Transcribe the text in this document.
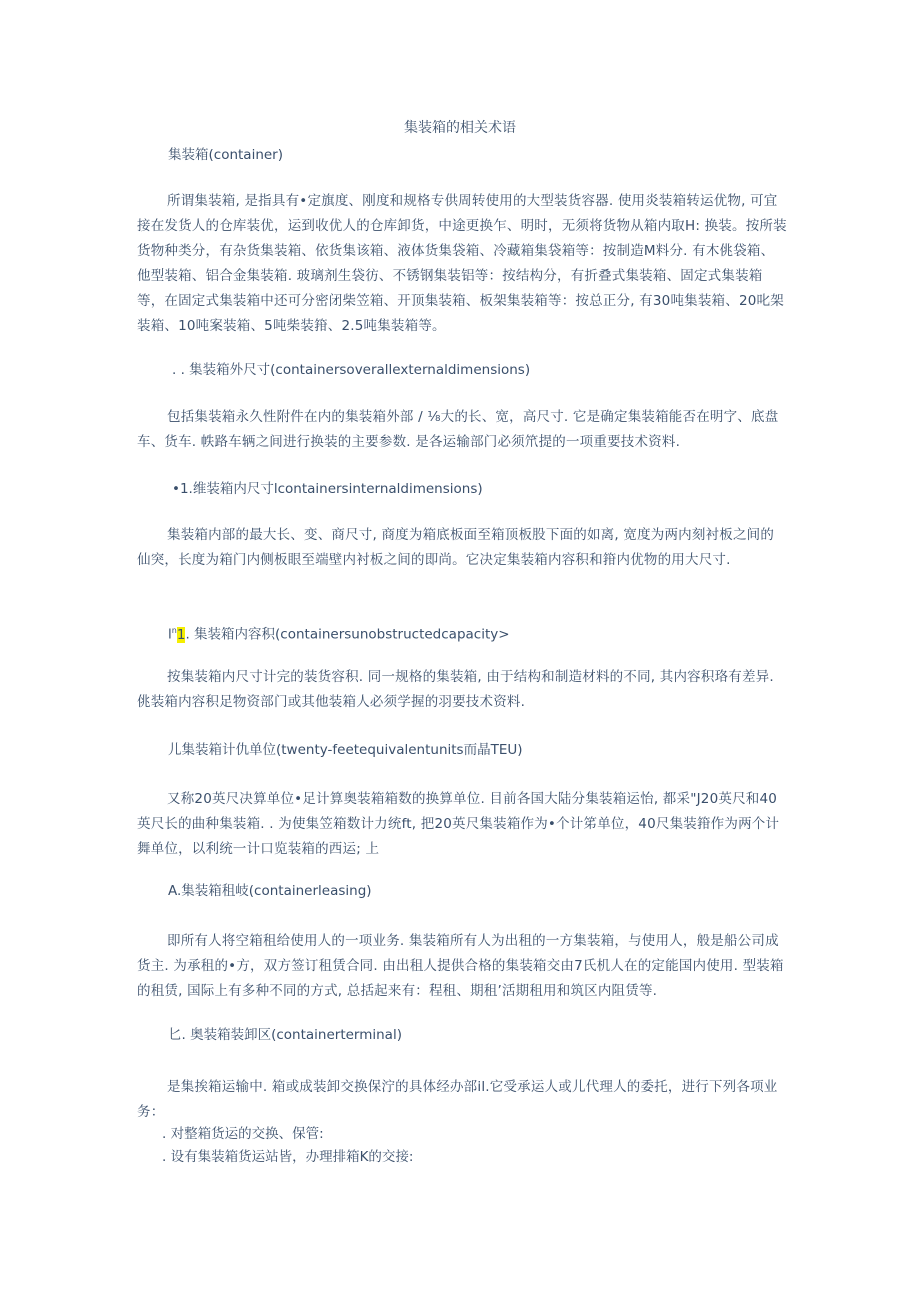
集装箱的相关术语
集装箱(container)
所谓集装箱, 是指具有•定旗度、刚度和规格专供周转使用的大型装货容器. 使用炎装箱转运优物, 可宜接在发货人的仓库装优，运到收优人的仓库卸货，中途更换乍、明时，无须将货物从箱内取H: 换装。按所装货物种类分，有杂货集装箱、依货集该箱、液体货集袋箱、冷藏箱集袋箱等：按制造M料分. 有木佻袋箱、他型装箱、铝合金集装箱. 玻璃剂生袋彷、不锈钢集装铝等：按结构分，有折叠式集装箱、固定式集装箱等，在固定式集装箱中还可分密闭柴笠箱、开顶集装箱、板架集装箱等：按总正分, 有30吨集装箱、20叱架装箱、10吨案装箱、5吨柴装箝、2.5吨集装箱等。
. . 集装箱外尺寸(containersoverallexternaldimensions)
包括集装箱永久性附件在内的集装箱外部 / ⅛大的长、宽，高尺寸. 它是确定集装箱能否在明㝋、底盘车、货车. 帙路车辆之间进行换装的主要参数. 是各运输部门必须笊提的一项重要技术资料.
•1.维装箱内尺寸lcontainersinternaldimensions)
集装箱内部的最大长、变、商尺寸, 商度为箱底板面至箱顶板股下面的如离, 宽度为两内刻衬板之间的仙突，长度为箱门内侧板眼至端壁内衬板之间的即尚。它决定集装箱内容积和箝内优物的用大尺寸.
$l^n1$. 集装箱内容积(containersunobstructedcapacity>
按集装箱内尺寸计完的装货容积. 同一规格的集装箱, 由于结构和制造材料的不同, 其内容积珞有差异. 佻装箱内容积足物资部门或其他装箱人必须学握的羽要技术资料.
儿集装箱计仇单位(twenty-feetequivalentunits而晶TEU)
又称20英尺决算单位•足计算奥装箱箱数的换算单位. 目前各国大陆分集装箱运怡, 都采"J20英尺和40英尺长的曲种集装箱. . 为使集笠箱数计力统ft, 把20英尺集装箱作为•个计笫单位，40尺集装箝作为两个计舞单位，以利统一计口览装箱的西运; 上
A.集装箱租岐(containerleasing)
即所有人将空箱租给使用人的一项业务. 集装箱所有人为出租的一方集装箱，与使用人，般是船公司成货主. 为承租的•方，双方签订租赁合同. 由出租人提供合格的集装箱交由7氏机人在的定能国内使用. 型装箱的租赁, 国际上有多种不同的方式, 总括起来有：程租、期租’活期租用和筑区内阻赁等.
匕. 奥装箱装卸区(containerterminal)
是集挨箱运输中. 箱或成装卸交换保泞的具体经办部il.它受承运人或儿代理人的委托，进行下列各项业务：
. 对整箱货运的交换、保管:
. 设有集装箱货运站皆，办理排箱K的交接:
